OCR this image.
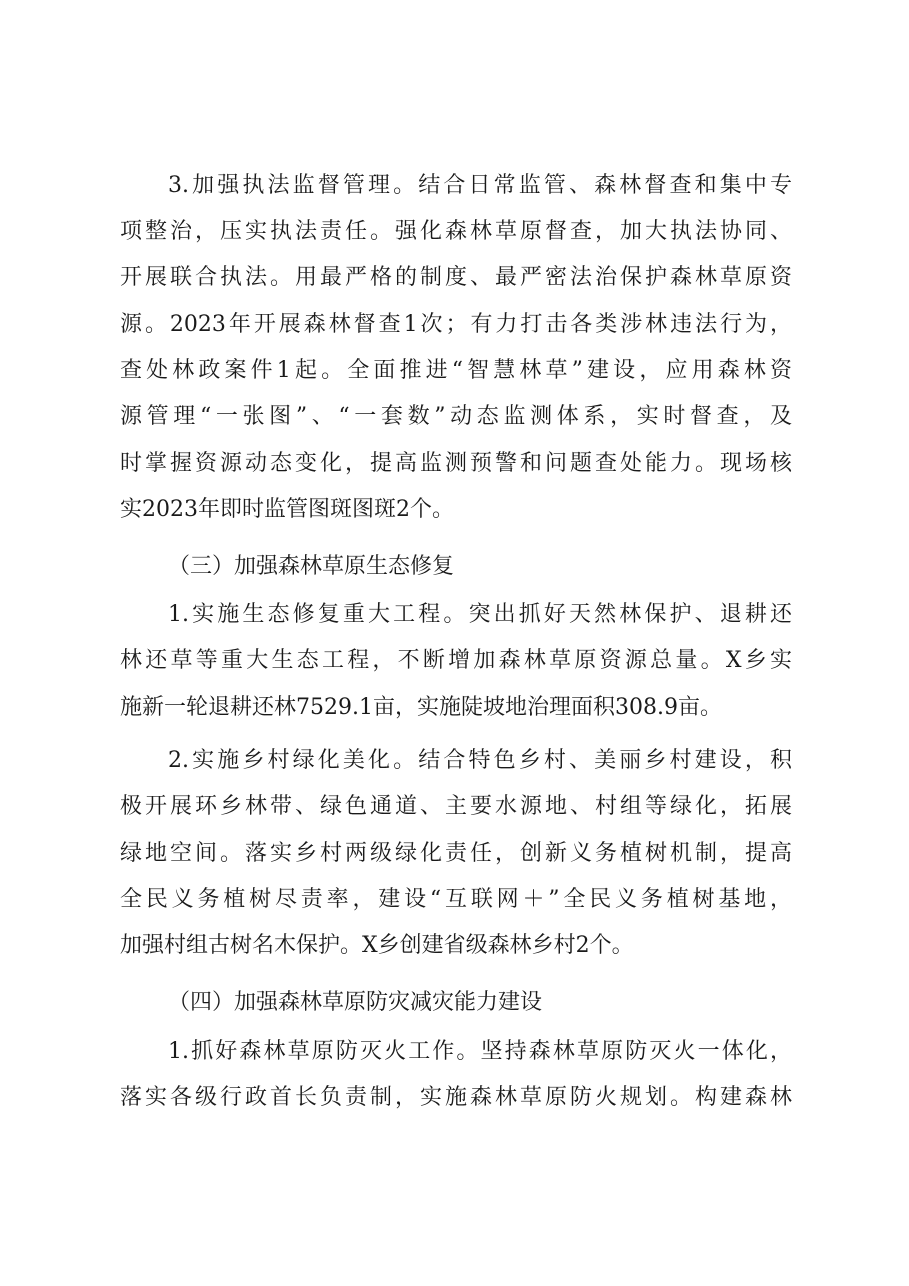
3.加强执法监督管理。结合日常监管、森林督查和集中专
项整治，压实执法责任。强化森林草原督查，加大执法协同、
开展联合执法。用最严格的制度、最严密法治保护森林草原资
源。2023年开展森林督查1次；有力打击各类涉林违法行为，
查处林政案件1起。全面推进“智慧林草”建设，应用森林资
源管理“一张图”、“一套数”动态监测体系，实时督查，及
时掌握资源动态变化，提高监测预警和问题查处能力。现场核
实2023年即时监管图斑图斑2个。
（三）加强森林草原生态修复
1.实施生态修复重大工程。突出抓好天然林保护、退耕还
林还草等重大生态工程，不断增加森林草原资源总量。X乡实
施新一轮退耕还林7529.1亩，实施陡坡地治理面积308.9亩。
2.实施乡村绿化美化。结合特色乡村、美丽乡村建设，积
极开展环乡林带、绿色通道、主要水源地、村组等绿化，拓展
绿地空间。落实乡村两级绿化责任，创新义务植树机制，提高
全民义务植树尽责率，建设“互联网＋”全民义务植树基地，
加强村组古树名木保护。X乡创建省级森林乡村2个。
（四）加强森林草原防灾减灾能力建设
1.抓好森林草原防灭火工作。坚持森林草原防灭火一体化，
落实各级行政首长负责制，实施森林草原防火规划。构建森林
